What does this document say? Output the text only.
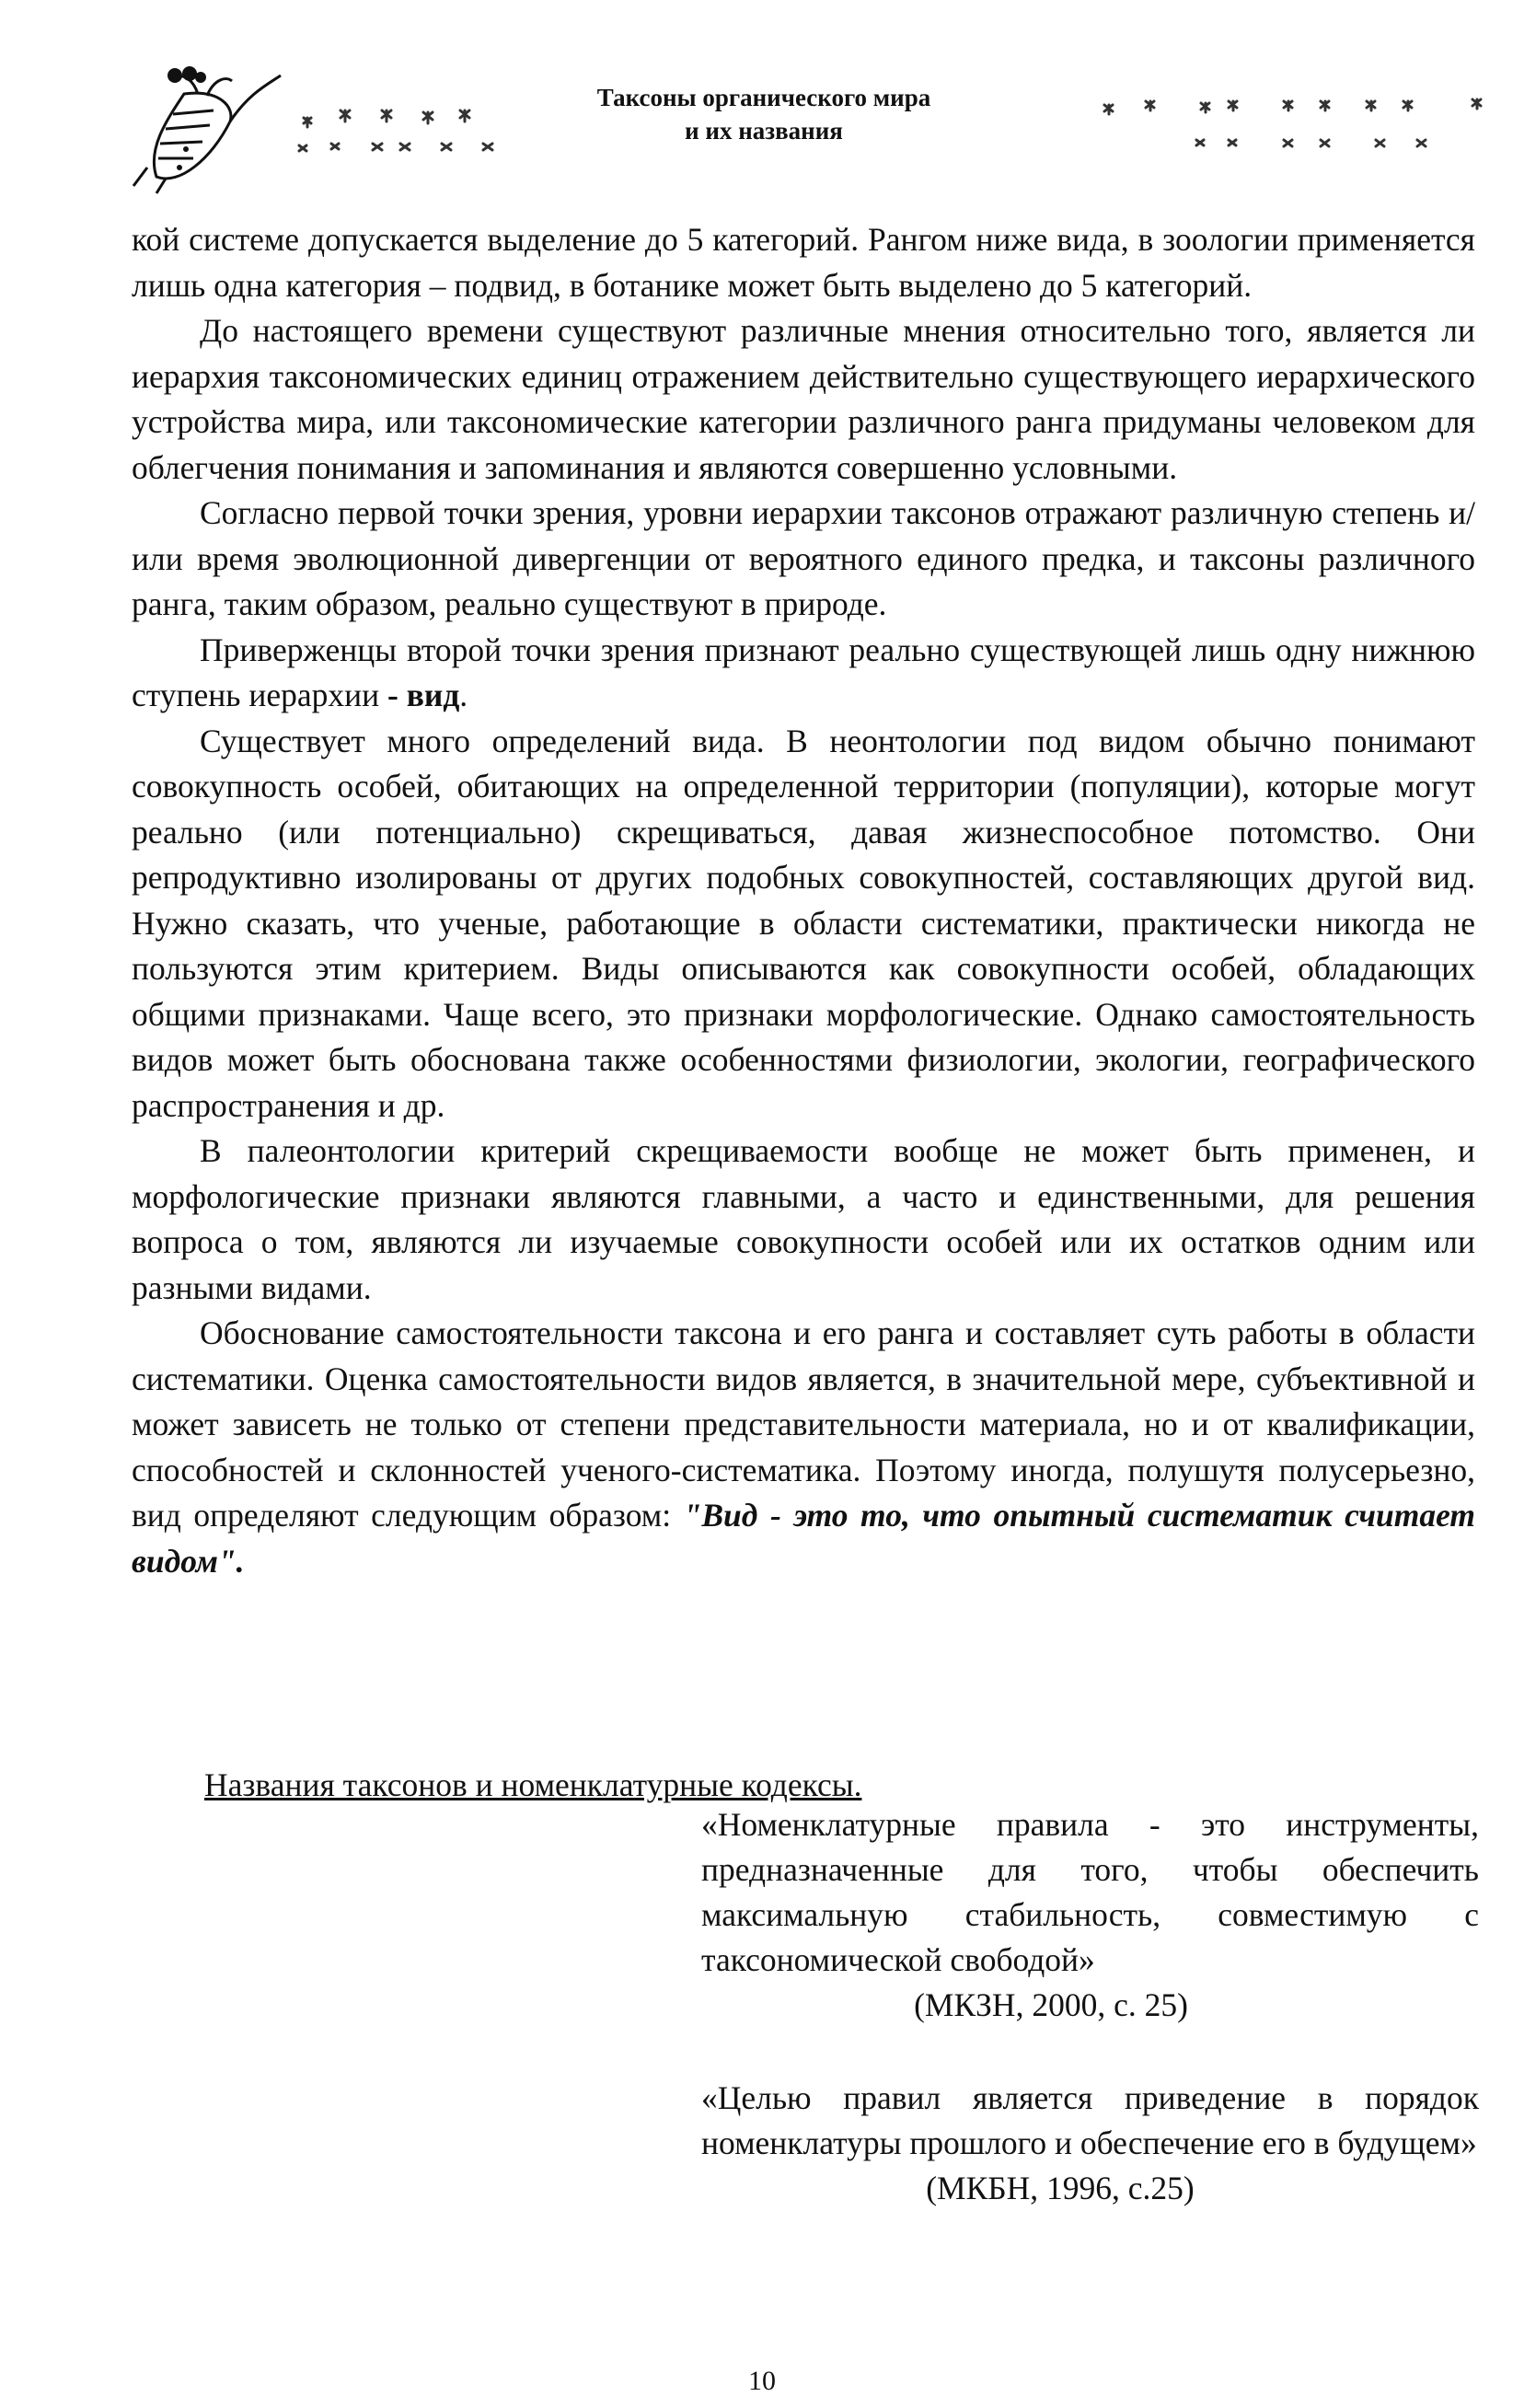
Таксоны органического мира
и их названия

кой системе допускается выделение до 5 категорий. Рангом ниже вида, в зоологии применяется лишь одна категория – подвид, в ботанике может быть выделено до 5 категорий.

До настоящего времени существуют различные мнения относительно того, является ли иерархия таксономических единиц отражением действительно существующего иерархического устройства мира, или таксономические категории различного ранга придуманы человеком для облегчения понимания и запоминания и являются совершенно условными.

Согласно первой точки зрения, уровни иерархии таксонов отражают различную степень и/или время эволюционной дивергенции от вероятного единого предка, и таксоны различного ранга, таким образом, реально существуют в природе.

Приверженцы второй точки зрения признают реально существующей лишь одну нижнюю ступень иерархии - вид.

Существует много определений вида. В неонтологии под видом обычно понимают совокупность особей, обитающих на определенной территории (популяции), которые могут реально (или потенциально) скрещиваться, давая жизнеспособное потомство. Они репродуктивно изолированы от других подобных совокупностей, составляющих другой вид. Нужно сказать, что ученые, работающие в области систематики, практически никогда не пользуются этим критерием. Виды описываются как совокупности особей, обладающих общими признаками. Чаще всего, это признаки морфологические. Однако самостоятельность видов может быть обоснована также особенностями физиологии, экологии, географического распространения и др.

В палеонтологии критерий скрещиваемости вообще не может быть применен, и морфологические признаки являются главными, а часто и единственными, для решения вопроса о том, являются ли изучаемые совокупности особей или их остатков одним или разными видами.

Обоснование самостоятельности таксона и его ранга и составляет суть работы в области систематики. Оценка самостоятельности видов является, в значительной мере, субъективной и может зависеть не только от степени представительности материала, но и от квалификации, способностей и склонностей ученого-систематика. Поэтому иногда, полушутя полусерьезно, вид определяют следующим образом: "Вид - это то, что опытный систематик считает видом".

Названия таксонов и номенклатурные кодексы.
«Номенклатурные правила - это инструменты, предназначенные для того, чтобы обеспечить максимальную стабильность, совместимую с таксономической свободой»
(МКЗН, 2000, с. 25)
«Целью правил является приведение в порядок номенклатуры прошлого и обеспечение его в будущем»
(МКБН, 1996, с.25)
10
